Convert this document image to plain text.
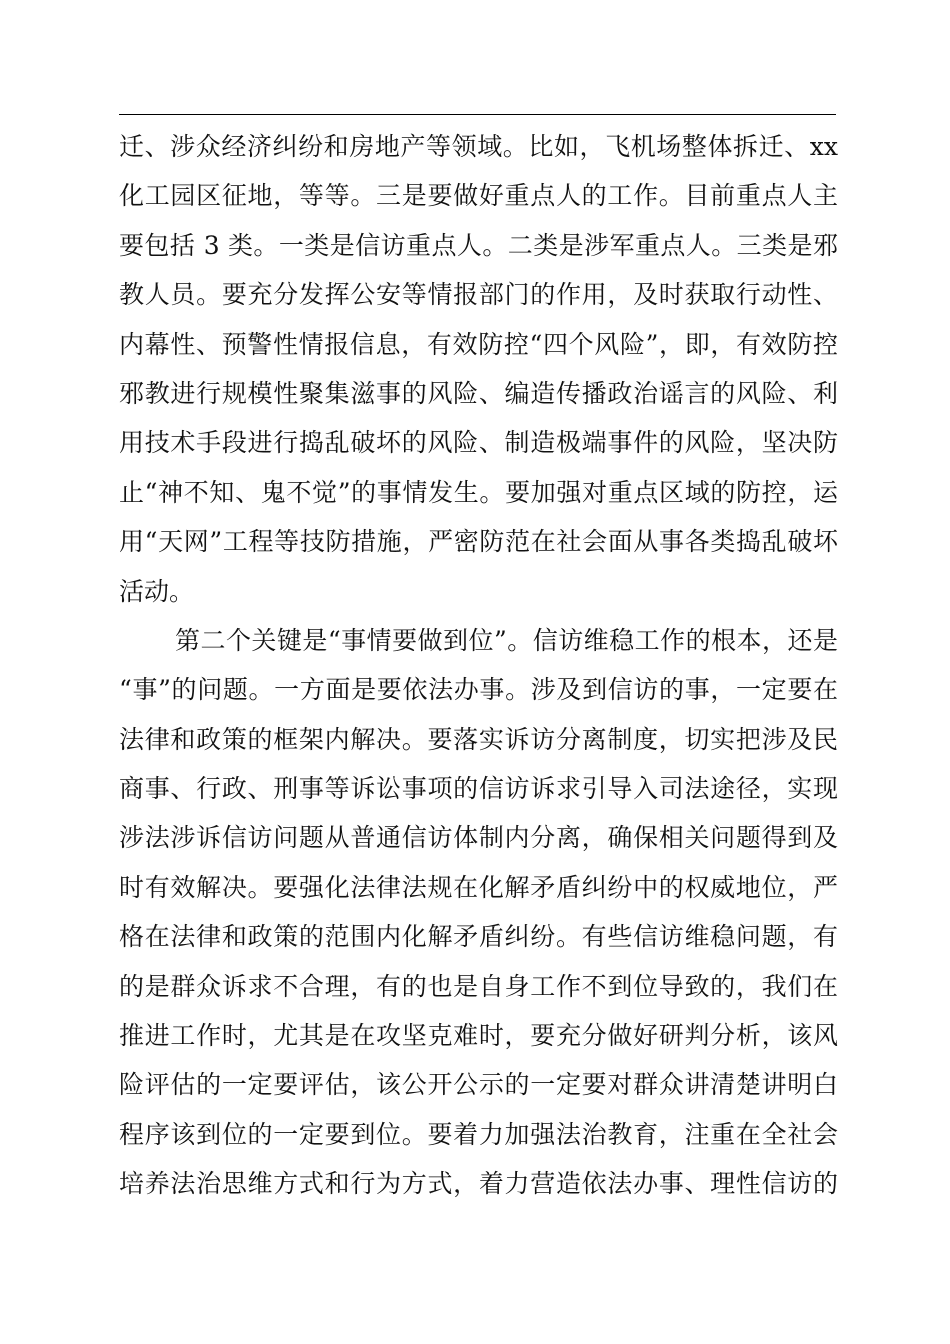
迁、涉众经济纠纷和房地产等领域。比如，飞机场整体拆迁、xx
化工园区征地，等等。三是要做好重点人的工作。目前重点人主
要包括 3 类。一类是信访重点人。二类是涉军重点人。三类是邪
教人员。要充分发挥公安等情报部门的作用，及时获取行动性、
内幕性、预警性情报信息，有效防控“四个风险”，即，有效防控
邪教进行规模性聚集滋事的风险、编造传播政治谣言的风险、利
用技术手段进行捣乱破坏的风险、制造极端事件的风险，坚决防
止“神不知、鬼不觉”的事情发生。要加强对重点区域的防控，运
用“天网”工程等技防措施，严密防范在社会面从事各类捣乱破坏
活动。
第二个关键是“事情要做到位”。信访维稳工作的根本，还是
“事”的问题。一方面是要依法办事。涉及到信访的事，一定要在
法律和政策的框架内解决。要落实诉访分离制度，切实把涉及民
商事、行政、刑事等诉讼事项的信访诉求引导入司法途径，实现
涉法涉诉信访问题从普通信访体制内分离，确保相关问题得到及
时有效解决。要强化法律法规在化解矛盾纠纷中的权威地位，严
格在法律和政策的范围内化解矛盾纠纷。有些信访维稳问题，有
的是群众诉求不合理，有的也是自身工作不到位导致的，我们在
推进工作时，尤其是在攻坚克难时，要充分做好研判分析，该风
险评估的一定要评估，该公开公示的一定要对群众讲清楚讲明白
程序该到位的一定要到位。要着力加强法治教育，注重在全社会
培养法治思维方式和行为方式，着力营造依法办事、理性信访的
